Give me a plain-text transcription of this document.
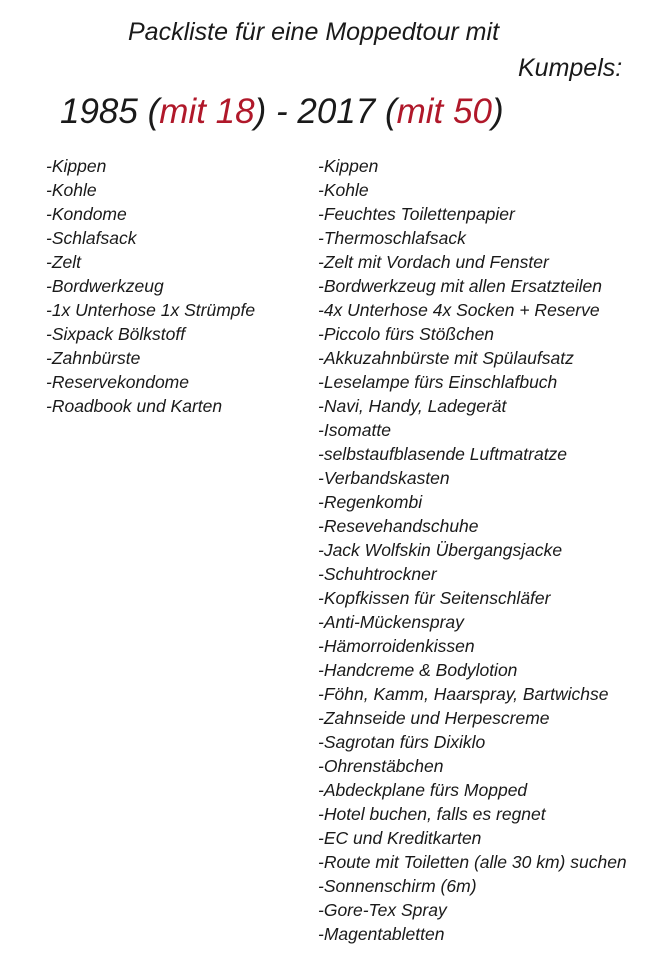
Packliste für eine Moppedtour mit
Kumpels:
1985 (mit 18) - 2017 (mit 50)
-Kippen
-Kohle
-Kondome
-Schlafsack
-Zelt
-Bordwerkzeug
-1x Unterhose 1x Strümpfe
-Sixpack Bölkstoff
-Zahnbürste
-Reservekondome
-Roadbook und Karten
-Kippen
-Kohle
-Feuchtes Toilettenpapier
-Thermoschlafsack
-Zelt mit Vordach und Fenster
-Bordwerkzeug mit allen Ersatzteilen
-4x Unterhose 4x Socken + Reserve
-Piccolo fürs Stößchen
-Akkuzahnbürste mit Spülaufsatz
-Leselampe fürs Einschlafbuch
-Navi, Handy, Ladegerät
-Isomatte
-selbstaufblasende Luftmatratze
-Verbandskasten
-Regenkombi
-Resevehandschuhe
-Jack Wolfskin Übergangsjacke
-Schuhtrockner
-Kopfkissen für Seitenschläfer
-Anti-Mückenspray
-Hämorroidenkissen
-Handcreme & Bodylotion
-Föhn, Kamm, Haarspray, Bartwichse
-Zahnseide und Herpescreme
-Sagrotan fürs Dixiklo
-Ohrenstäbchen
-Abdeckplane fürs Mopped
-Hotel buchen, falls es regnet
-EC und Kreditkarten
-Route mit Toiletten (alle 30 km) suchen
-Sonnenschirm (6m)
-Gore-Tex Spray
-Magentabletten
